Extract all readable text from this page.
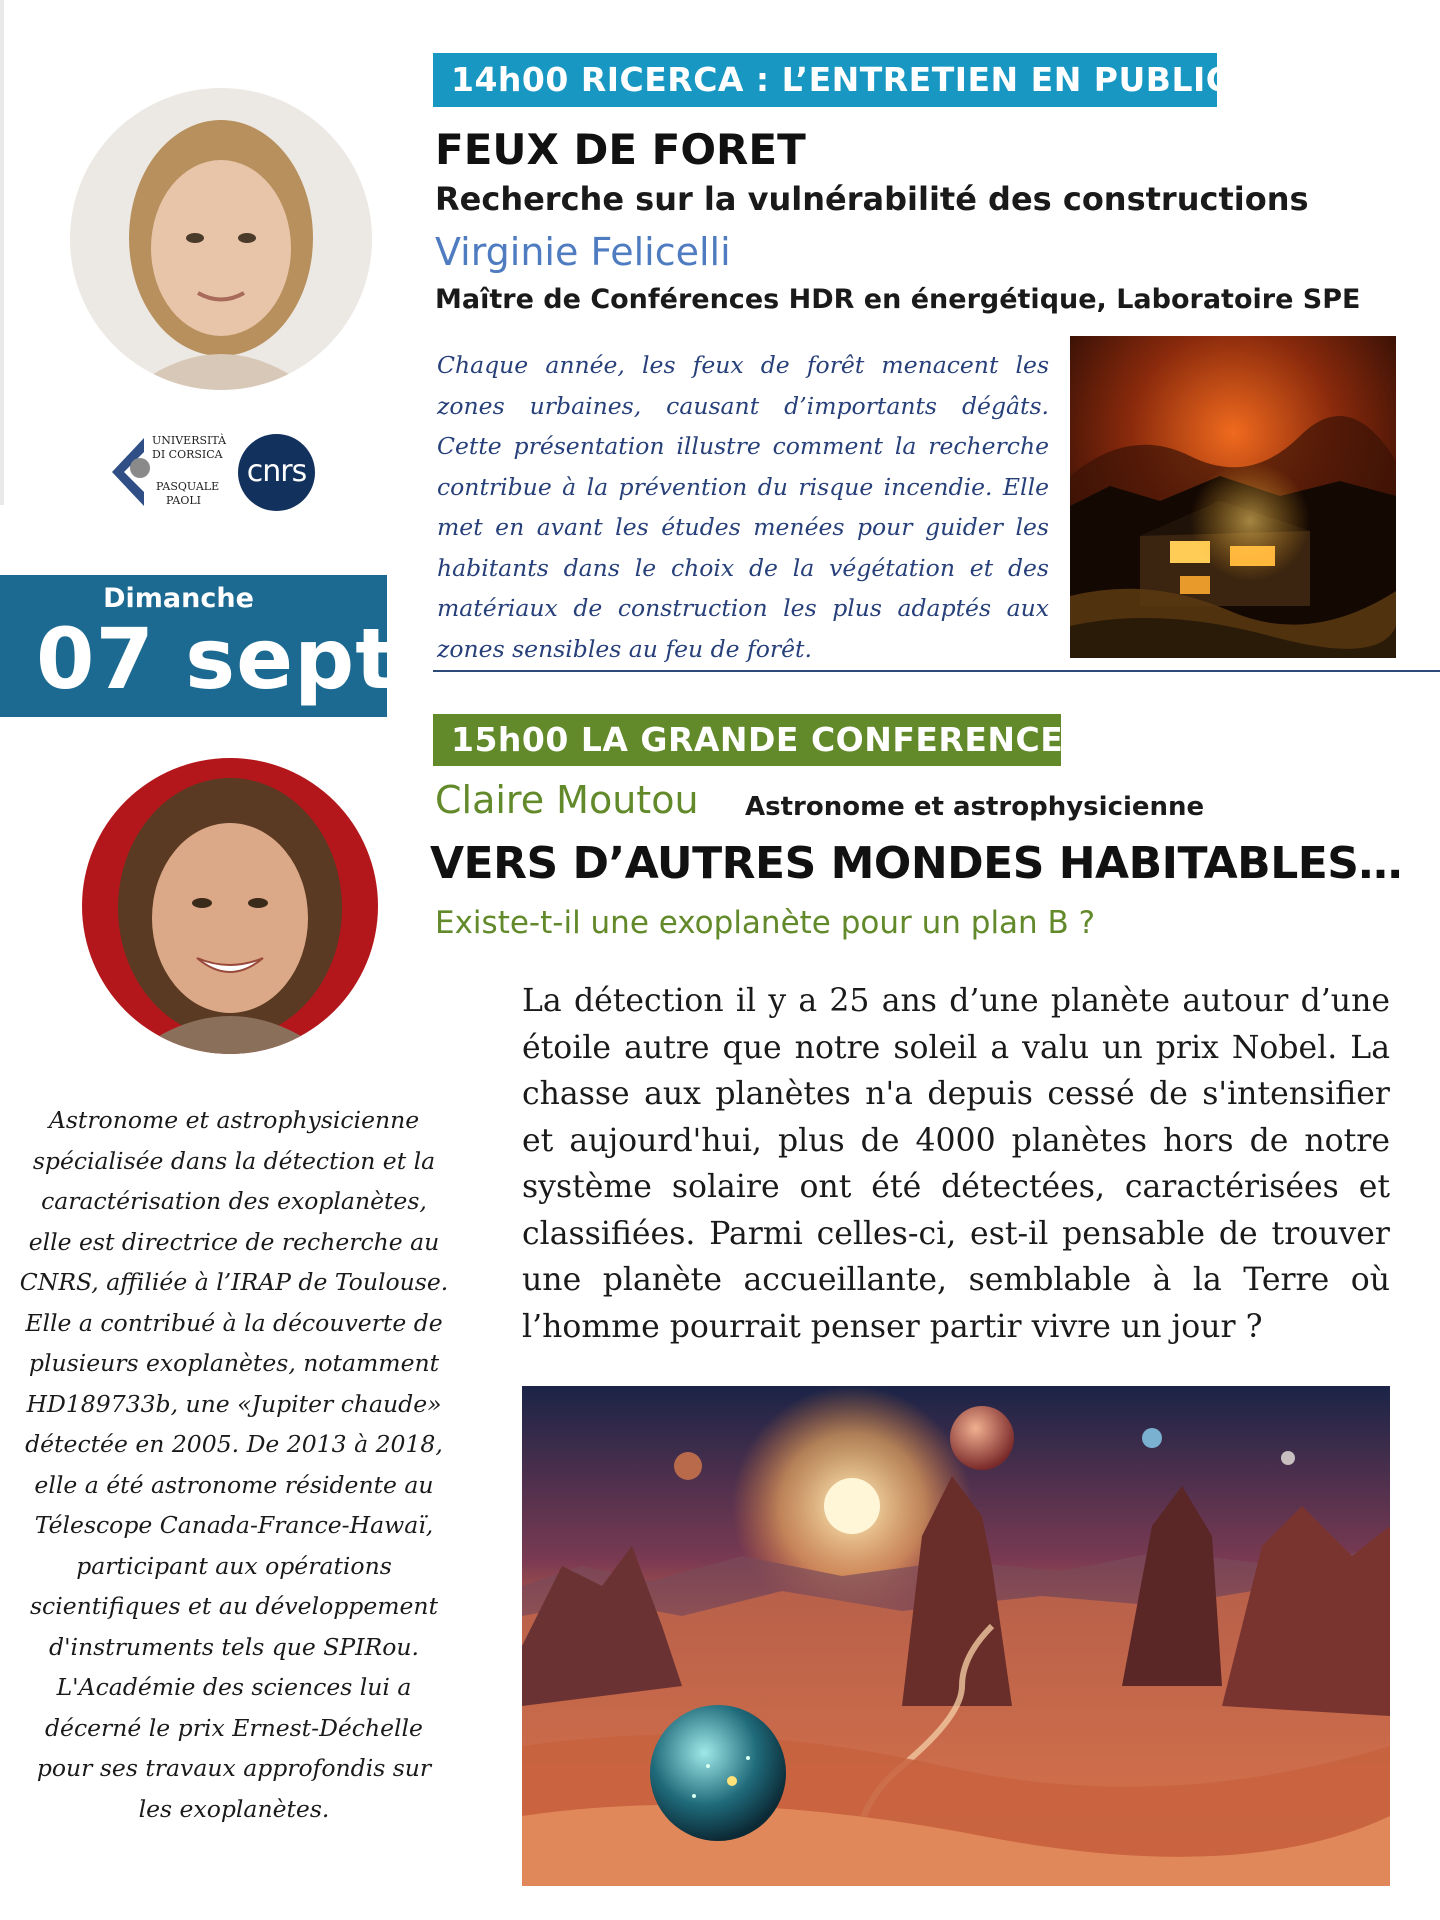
14h00 RICERCA : L’ENTRETIEN EN PUBLIC
FEUX DE FORET
Recherche sur la vulnérabilité des constructions
Virginie Felicelli
Maître de Conférences HDR en énergétique, Laboratoire SPE

Chaque année, les feux de forêt menacent les zones urbaines, causant d’importants dégâts. Cette présentation illustre comment la recherche contribue à la prévention du risque incendie. Elle met en avant les études menées pour guider les habitants dans le choix de la végétation et des matériaux de construction les plus adaptés aux zones sensibles au feu de forêt.

UNIVERSITÀ
DI CORSICA
PASQUALE
PAOLI
cnrs
Dimanche
07 sept
15h00 LA GRANDE CONFERENCE
Claire Moutou Astronome et astrophysicienne
VERS D’AUTRES MONDES HABITABLES…
Existe-t-il une exoplanète pour un plan B ?

La détection il y a 25 ans d’une planète autour d’une étoile autre que notre soleil a valu un prix Nobel. La chasse aux planètes n'a depuis cessé de s'intensifier et aujourd'hui, plus de 4000 planètes hors de notre système solaire ont été détectées, caractérisées et classifiées. Parmi celles-ci, est-il pensable de trouver une planète accueillante, semblable à la Terre où l’homme pourrait penser partir vivre un jour ?

Astronome et astrophysicienne spécialisée dans la détection et la caractérisation des exoplanètes, elle est directrice de recherche au CNRS, affiliée à l’IRAP de Toulouse. Elle a contribué à la découverte de plusieurs exoplanètes, notamment HD189733b, une «Jupiter chaude» détectée en 2005. De 2013 à 2018, elle a été astronome résidente au Télescope Canada-France-Hawaï, participant aux opérations scientifiques et au développement d'instruments tels que SPIRou. L'Académie des sciences lui a décerné le prix Ernest-Déchelle pour ses travaux approfondis sur les exoplanètes.
